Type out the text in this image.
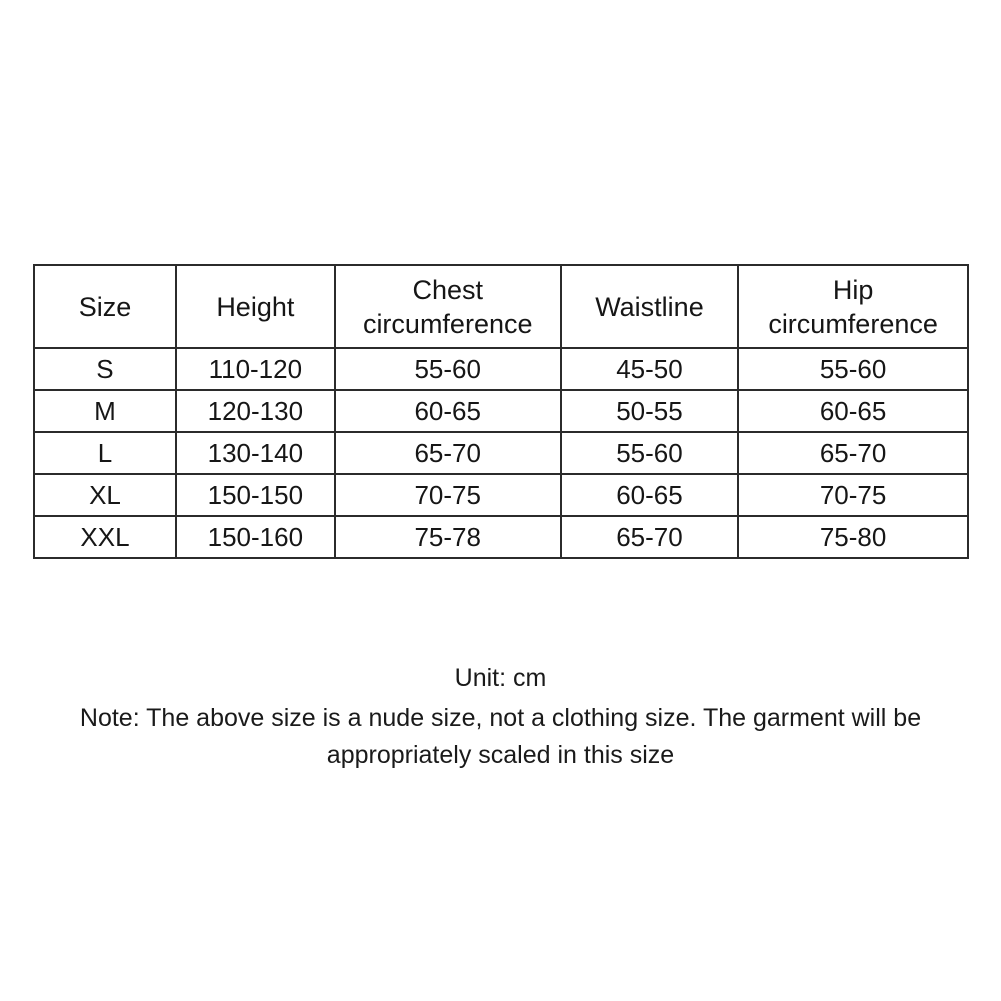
Size	Height	Chest circumference	Waistline	Hip circumference
S	110-120	55-60	45-50	55-60
M	120-130	60-65	50-55	60-65
L	130-140	65-70	55-60	65-70
XL	150-150	70-75	60-65	70-75
XXL	150-160	75-78	65-70	75-80
Unit: cm
Note: The above size is a nude size, not a clothing size. The garment will be appropriately scaled in this size
